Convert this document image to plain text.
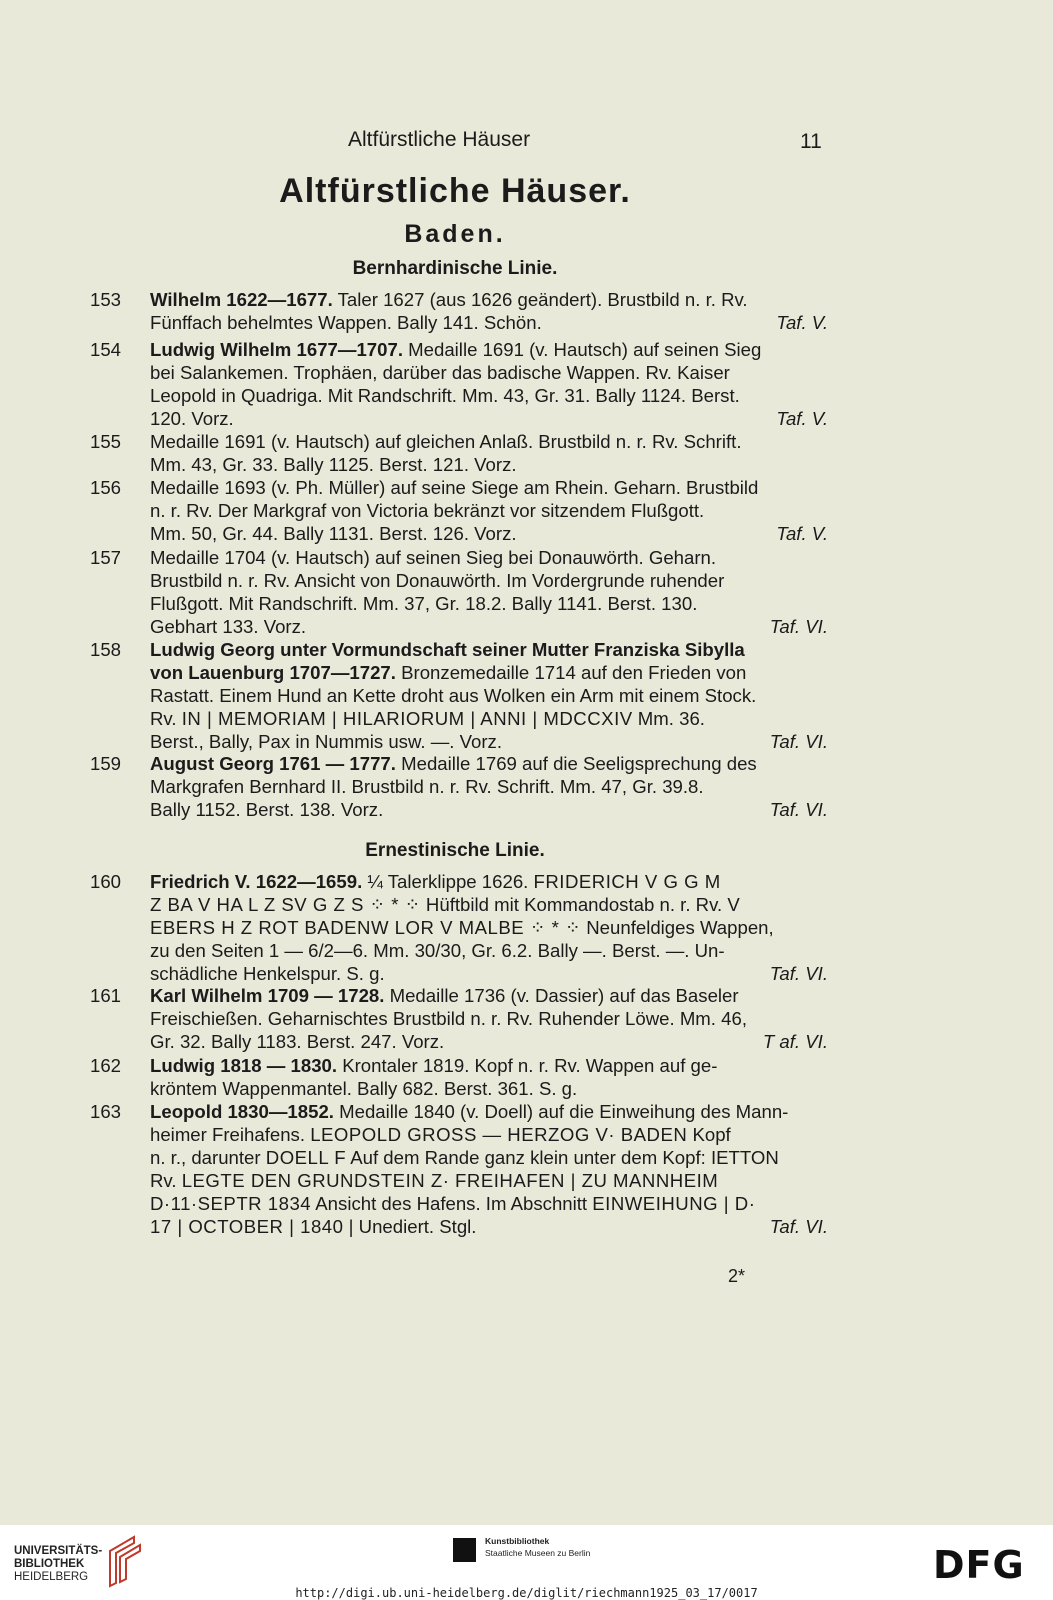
Altfürstliche Häuser	11
Altfürstliche Häuser.
Baden.
Bernhardinische Linie.
Ernestinische Linie.
153	Wilhelm 1622—1677. Taler 1627 (aus 1626 geändert). Brustbild n. r. Rv.
Fünffach behelmtes Wappen. Bally 141. Schön.	Taf. V.
154	Ludwig Wilhelm 1677—1707. Medaille 1691 (v. Hautsch) auf seinen Sieg
bei Salankemen. Trophäen, darüber das badische Wappen. Rv. Kaiser
Leopold in Quadriga. Mit Randschrift. Mm. 43, Gr. 31. Bally 1124. Berst.
120. Vorz.	Taf. V.
155	Medaille 1691 (v. Hautsch) auf gleichen Anlaß. Brustbild n. r. Rv. Schrift.
Mm. 43, Gr. 33. Bally 1125. Berst. 121. Vorz.
156	Medaille 1693 (v. Ph. Müller) auf seine Siege am Rhein. Geharn. Brustbild
n. r. Rv. Der Markgraf von Victoria bekränzt vor sitzendem Flußgott.
Mm. 50, Gr. 44. Bally 1131. Berst. 126. Vorz.	Taf. V.
157	Medaille 1704 (v. Hautsch) auf seinen Sieg bei Donauwörth. Geharn.
Brustbild n. r. Rv. Ansicht von Donauwörth. Im Vordergrunde ruhender
Flußgott. Mit Randschrift. Mm. 37, Gr. 18.2. Bally 1141. Berst. 130.
Gebhart 133. Vorz.	Taf. VI.
158	Ludwig Georg unter Vormundschaft seiner Mutter Franziska Sibylla
von Lauenburg 1707—1727. Bronzemedaille 1714 auf den Frieden von
Rastatt. Einem Hund an Kette droht aus Wolken ein Arm mit einem Stock.
Rv. IN | MEMORIAM | HILARIORUM | ANNI | MDCCXIV Mm. 36.
Berst., Bally, Pax in Nummis usw. —. Vorz.	Taf. VI.
159	August Georg 1761 — 1777. Medaille 1769 auf die Seeligsprechung des
Markgrafen Bernhard II. Brustbild n. r. Rv. Schrift. Mm. 47, Gr. 39.8.
Bally 1152. Berst. 138. Vorz.	Taf. VI.
160	Friedrich V. 1622—1659. ¼ Talerklippe 1626. FRIDERICH V G G M
Z BA V HA L Z SV G Z S ⁘ * ⁘ Hüftbild mit Kommandostab n. r. Rv. V
EBERS H Z ROT BADENW LOR V MALBE ⁘ * ⁘ Neunfeldiges Wappen,
zu den Seiten 1 — 6/2—6. Mm. 30/30, Gr. 6.2. Bally —. Berst. —. Un-
schädliche Henkelspur. S. g.	Taf. VI.
161	Karl Wilhelm 1709 — 1728. Medaille 1736 (v. Dassier) auf das Baseler
Freischießen. Geharnischtes Brustbild n. r. Rv. Ruhender Löwe. Mm. 46,
Gr. 32. Bally 1183. Berst. 247. Vorz.	T af. VI.
162	Ludwig 1818 — 1830. Krontaler 1819. Kopf n. r. Rv. Wappen auf ge-
kröntem Wappenmantel. Bally 682. Berst. 361. S. g.
163	Leopold 1830—1852. Medaille 1840 (v. Doell) auf die Einweihung des Mann-
heimer Freihafens. LEOPOLD GROSS — HERZOG V· BADEN Kopf
n. r., darunter DOELL F Auf dem Rande ganz klein unter dem Kopf: IETTON
Rv. LEGTE DEN GRUNDSTEIN Z· FREIHAFEN | ZU MANNHEIM
D·11·SEPTR 1834 Ansicht des Hafens. Im Abschnitt EINWEIHUNG | D·
17 | OCTOBER | 1840 | Unediert. Stgl.	Taf. VI.
2*
UNIVERSITÄTS-
BIBLIOTHEK
HEIDELBERG
Kunstbibliothek
Staatliche Museen zu Berlin	DFG
http://digi.ub.uni-heidelberg.de/diglit/riechmann1925_03_17/0017
